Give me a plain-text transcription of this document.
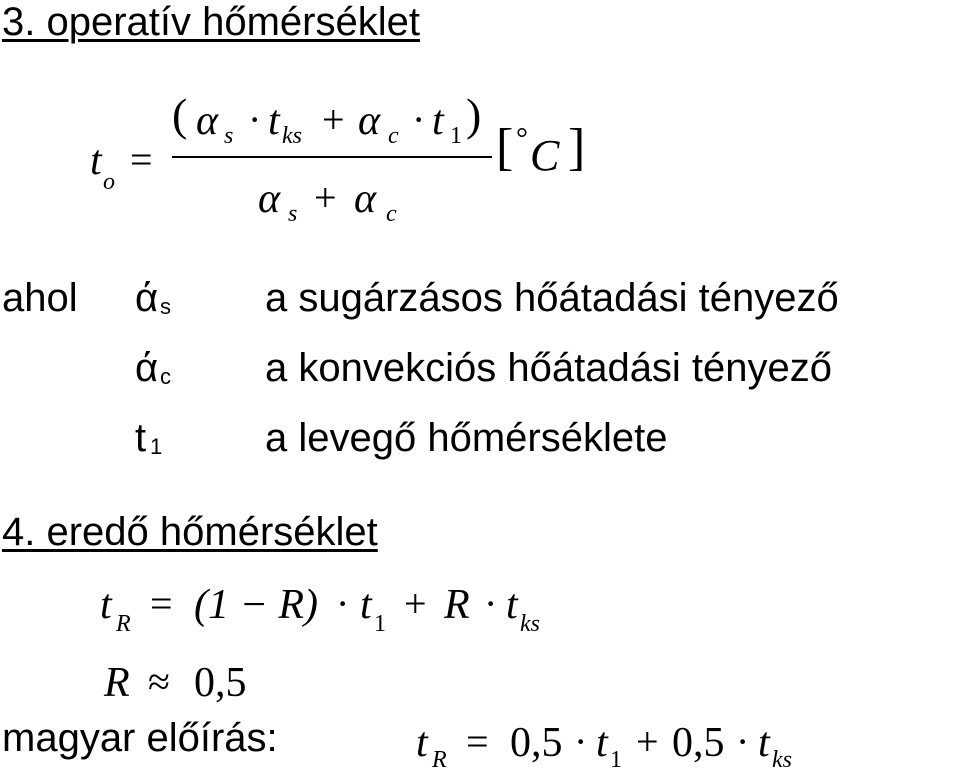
3. operatív hőmérséklet
t o =
( α s · t ks + α c · t 1 )
α s + α c
[ ° C ]
ahol ά s a sugárzásos hőátadási tényező
ά c a konvekciós hőátadási tényező
t 1	a levegő hőmérséklete
4. eredő hőmérséklet
t R = (1 − R) · t 1 + R · t ks
R ≈ 0,5
magyar előírás:	t R = 0,5 · t 1 + 0,5 · t ks
